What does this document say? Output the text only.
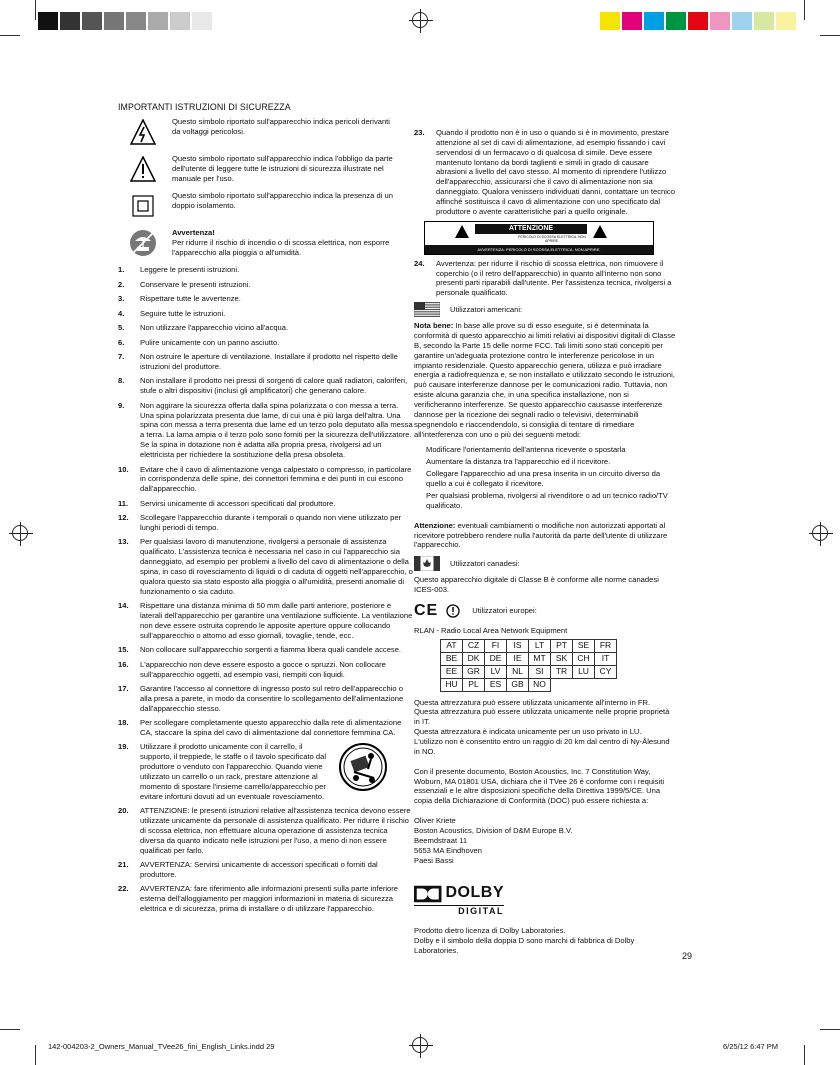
IMPORTANTI ISTRUZIONI DI SICUREZZA
Questo simbolo riportato sull'apparecchio indica pericoli derivanti da voltaggi pericolosi.
Questo simbolo riportato sull'apparecchio indica l'obbligo da parte dell'utente di leggere tutte le istruzioni di sicurezza illustrate nel manuale per l'uso.
Questo simbolo riportato sull'apparecchio indica la presenza di un doppio isolamento.
Avvertenza!
Per ridurre il rischio di incendio o di scossa elettrica, non esporre l'apparecchio alla pioggia o all'umidità.
1.	Leggere le presenti istruzioni.
2.	Conservare le presenti istruzioni.
3.	Rispettare tutte le avvertenze.
4.	Seguire tutte le istruzioni.
5.	Non utilizzare l'apparecchio vicino all'acqua.
6.	Pulire unicamente con un panno asciutto.
7.	Non ostruire le aperture di ventilazione. Installare il prodotto nel rispetto delle istruzioni del produttore.
8.	Non installare il prodotto nei pressi di sorgenti di calore quali radiatori, caloriferi, stufe o altri dispositivi (inclusi gli amplificatori) che generano calore.
9.	Non aggirare la sicurezza offerta dalla spina polarizzata o con messa a terra. Una spina polarizzata presenta due lame, di cui una è più larga dell'altra. Una spina con messa a terra presenta due lame ed un terzo polo deputato alla messa a terra. La lama ampia o il terzo polo sono forniti per la sicurezza dell'utilizzatore. Se la spina in dotazione non è adatta alla propria presa, rivolgersi ad un elettricista per richiedere la sostituzione della presa obsoleta.
10.	Evitare che il cavo di alimentazione venga calpestato o compresso, in particolare in corrispondenza delle spine, dei connettori femmina e dei punti in cui escono dall'apparecchio.
11.	Servirsi unicamente di accessori specificati dal produttore.
12.	Scollegare l'apparecchio durante i temporali o quando non viene utilizzato per lunghi periodi di tempo.
13.	Per qualsiasi lavoro di manutenzione, rivolgersi a personale di assistenza qualificato. L'assistenza tecnica è necessaria nel caso in cui l'apparecchio sia danneggiato, ad esempio per problemi a livello del cavo di alimentazione o della spina, in caso di rovesciamento di liquidi o di caduta di oggetti nell'apparecchio, o qualora questo sia stato esposto alla pioggia o all'umidità, presenti anomalie di funzionamento o sia caduto.
14.	Rispettare una distanza minima di 50 mm dalle parti anteriore, posteriore e laterali dell'apparecchio per garantire una ventilazione sufficiente. La ventilazione non deve essere ostruita coprendo le apposite aperture oppure collocando sull'apparecchio o attorno ad esso giornali, tovaglie, tende, ecc.
15.	Non collocare sull'apparecchio sorgenti a fiamma libera quali candele accese.
16.	L'apparecchio non deve essere esposto a gocce o spruzzi. Non collocare sull'apparecchio oggetti, ad esempio vasi, riempiti con liquidi.
17.	Garantire l'accesso al connettore di ingresso posto sul retro dell'apparecchio o alla presa a parete, in modo da consentire lo scollegamento dell'alimentazione dall'apparecchio stesso.
18.	Per scollegare completamente questo apparecchio dalla rete di alimentazione CA, staccare la spina del cavo di alimentazione dal connettore femmina CA.
19.	Utilizzare il prodotto unicamente con il carrello, il supporto, il treppiede, le staffe o il tavolo specificato dal produttore o venduto con l'apparecchio. Quando viene utilizzato un carrello o un rack, prestare attenzione al momento di spostare l'insieme carrello/apparecchio per evitare infortuni dovuti ad un eventuale rovesciamento.
20.	ATTENZIONE: le presenti istruzioni relative all'assistenza tecnica devono essere utilizzate unicamente da personale di assistenza qualificato. Per ridurre il rischio di scossa elettrica, non effettuare alcuna operazione di assistenza tecnica diversa da quanto indicato nelle istruzioni per l'uso, a meno di non essere qualificati per farlo.
21.	AVVERTENZA: Servirsi unicamente di accessori specificati o forniti dal produttore.
22.	AVVERTENZA: fare riferimento alle informazioni presenti sulla parte inferiore esterna dell'alloggiamento per maggiori informazioni in materia di sicurezza elettrica e di sicurezza, prima di installare o di utilizzare l'apparecchio.
23.	Quando il prodotto non è in uso o quando si è in movimento, prestare attenzione al set di cavi di alimentazione, ad esempio fissando i cavi servendosi di un fermacavo o di qualcosa di simile. Deve essere mantenuto lontano da bordi taglienti e simili in grado di causare abrasioni a livello del cavo stesso. Al momento di riprendere l'utilizzo dell'apparecchio, assicurarsi che il cavo di alimentazione non sia danneggiato. Qualora venissero individuati danni, contattare un tecnico affinché sostituisca il cavo di alimentazione con uno specificato dal produttore o avente caratteristiche pari a quello originale.
ATTENZIONE
PERICOLO DI SCOSSA ELETTRICA. NON APRIRE.
AVVERTENZA: PERICOLO DI SCOSSA ELETTRICA. NON APRIRE.
24.	Avvertenza: per ridurre il rischio di scossa elettrica, non rimuovere il coperchio (o il retro dell'apparecchio) in quanto all'interno non sono presenti parti riparabili dall'utente. Per l'assistenza tecnica, rivolgersi a personale qualificato.
Utilizzatori americani:
Nota bene: In base alle prove su di esso eseguite, si è determinata la conformità di questo apparecchio ai limiti relativi ai dispositivi digitali di Classe B, secondo la Parte 15 delle norme FCC. Tali limiti sono stati concepiti per garantire un'adeguata protezione contro le interferenze pericolose in un impianto residenziale. Questo apparecchio genera, utilizza e può irradiare energia a radiofrequenza e, se non installato e utilizzato secondo le istruzioni, può causare interferenze dannose per le comunicazioni radio. Tuttavia, non esiste alcuna garanzia che, in una specifica installazione, non si verificheranno interferenze. Se questo apparecchio causasse interferenze dannose per la ricezione dei segnali radio o televisivi, determinabili spegnendolo e riaccendendolo, si consiglia di tentare di rimediare all'interferenza con uno o più dei seguenti metodi:
Modificare l'orientamento dell'antenna ricevente o spostarla
Aumentare la distanza tra l'apparecchio ed il ricevitore.
Collegare l'apparecchio ad una presa inserita in un circuito diverso da quello a cui è collegato il ricevitore.
Per qualsiasi problema, rivolgersi al rivenditore o ad un tecnico radio/TV qualificato.
Attenzione: eventuali cambiamenti o modifiche non autorizzati apportati al ricevitore potrebbero rendere nulla l'autorità da parte dell'utente di utilizzare l'apparecchio.
Utilizzatori canadesi:
Questo apparecchio digitale di Classe B è conforme alle norme canadesi ICES-003.
CE	Utilizzatori europei:
RLAN - Radio Local Area Network Equipment
AT	CZ	FI	IS	LT	PT	SE	FR
BE	DK	DE	IE	MT	SK	CH	IT
EE	GR	LV	NL	SI	TR	LU	CY
HU	PL	ES	GB	NO			
Questa attrezzatura può essere utilizzata unicamente all'interno in FR.
Questa attrezzatura può essere utilizzata unicamente nelle proprie proprietà in IT.
Questa attrezzatura è indicata unicamente per un uso privato in LU.
L'utilizzo non è consentito entro un raggio di 20 km dal centro di Ny-Ålesund in NO.
Con il presente documento, Boston Acoustics, Inc. 7 Constitution Way, Woburn, MA 01801 USA, dichiara che il TVee 26 è conforme con i requisiti essenziali e le altre disposizioni specifiche della Direttiva 1999/5/CE. Una copia della Dichiarazione di Conformità (DOC) può essere richiesta a:
Oliver Kriete
Boston Acoustics, Division of D&M Europe B.V.
Beemdstraat 11
5653 MA Eindhoven
Paesi Bassi
DOLBY
DIGITAL
Prodotto dietro licenza di Dolby Laboratories.
Dolby e il simbolo della doppia D sono marchi di fabbrica di Dolby Laboratories.
29
142-004203-2_Owners_Manual_TVee26_fini_English_Links.indd 29	6/25/12 6:47 PM
